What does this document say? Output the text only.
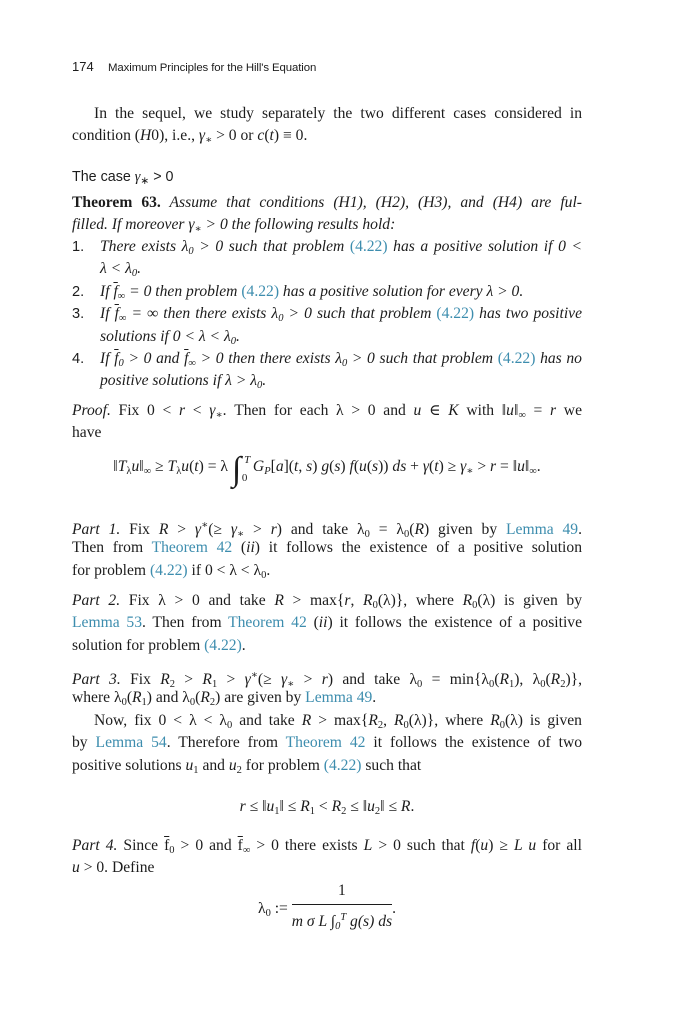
174 Maximum Principles for the Hill's Equation
In the sequel, we study separately the two different cases considered in
condition (H0), i.e., $\gamma_∗ > 0$ or c(t) ≡ 0.
The case $\gamma_∗ > 0$
Theorem 63. Assume that conditions (H1), (H2), (H3), and (H4) are ful-
filled. If moreover $\gamma_∗ > 0$ the following results hold:
1. There exists $\lambda_0 > 0$ such that problem (4.22) has a positive solution if 0 <
$\lambda < \lambda_0$.
2. If $\overline{f}_\infty = 0$ then problem (4.22) has a positive solution for every λ > 0.
3. If $\overline{f}_\infty$ = ∞ then there exists $\lambda_0 > 0$ such that problem (4.22) has two positive
solutions if $0 < \lambda < \lambda_0$.
4. If $\overline{f}_0 > 0$ and $\overline{f}_\infty > 0$ then there exists $\lambda_0 > 0$ such that problem (4.22) has no
positive solutions if $\lambda > \lambda_0$.
Proof. Fix $0 < r < \gamma_∗$. Then for each λ > 0 and u ∈ K with $‖u‖_\infty = r$ we
have
$‖T_\lambda u‖_\infty \ge T_\lambda u(t) = \lambda$ ∫ T
0
$G_P[a](t$, s) g(s) f(u(s)) ds + $\gamma(t) \ge \gamma_∗ > r$ = $‖u‖_\infty$.
Part 1. Fix $R > \gamma^∗(\ge \gamma_∗ > r)$ and take $\lambda_0 = \lambda_0(R)$ given by Lemma 49.
Then from Theorem 42 (ii) it follows the existence of a positive solution
for problem (4.22) if $0 < \lambda < \lambda_0$.
Part 2. Fix λ > 0 and take R > max{r, $R_0(\lambda)$}, where $R_0(\lambda)$ is given by
Lemma 53. Then from Theorem 42 (ii) it follows the existence of a positive
solution for problem (4.22).
Part 3. Fix $R_2 > R_1 > \gamma^∗(\ge \gamma_∗ > r)$ and take $\lambda_0 = \min\{\lambda_0(R_1)$, $\lambda_0(R_2)$},
where $\lambda_0(R_1)$ and $\lambda_0(R_2)$ are given by Lemma 49.
Now, fix $0 < \lambda < \lambda_0$ and take $R > \max\{R_2$, $R_0(\lambda)$}, where $R_0(\lambda)$ is given
by Lemma 54. Therefore from Theorem 42 it follows the existence of two
positive solutions $u_1$ and $u_2$ for problem (4.22) such that
$r \le ‖u_1‖ \le R_1 < R_2$ ≤ $‖u_2‖ \le R$.
Part 4. Since $\overline{f}_0 > 0$ and $\overline{f}_\infty > 0$ there exists L > 0 such that f(u) ≥ L u for all
u > 0. Define
$\lambda_0$ := $\frac{1}{m \sigma L \int_0^T g(s) ds}$ .
